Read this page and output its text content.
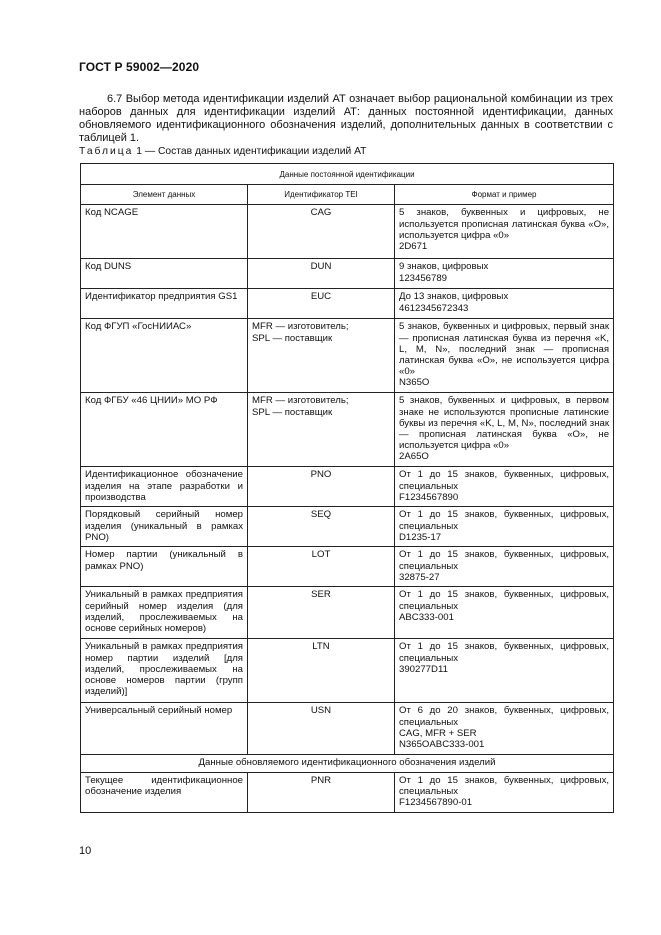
ГОСТ Р 59002—2020

6.7 Выбор метода идентификации изделий АТ означает выбор рациональной комбинации из трех наборов данных для идентификации изделий АТ: данных постоянной идентификации, данных обновляемого идентификационного обозначения изделий, дополнительных данных в соответствии с таблицей 1.

Таблица 1 — Состав данных идентификации изделий АТ
Данные постоянной идентификации		
Элемент данных	Идентификатор TEI	Формат и пример
Код NCAGE	CAG	5 знаков, буквенных и цифровых, не используется прописная латинская буква «O», используется цифра «0»
2D671

Код DUNS	DUN	9 знаков, цифровых
123456789

Идентификатор предприятия GS1	EUC	До 13 знаков, цифровых
4612345672343

Код ФГУП «ГосНИИАС»	MFR — изготовитель;
SPL — поставщик	5 знаков, буквенных и цифровых, первый знак — прописная латинская буква из перечня «K, L, M, N», последний знак — прописная латинская буква «O», не используется цифра «0»
N365O

Код ФГБУ «46 ЦНИИ» МО РФ	MFR — изготовитель;
SPL — поставщик	5 знаков, буквенных и цифровых, в первом знаке не используются прописные латинские буквы из перечня «K, L, M, N», последний знак — прописная латинская буква «O», не используется цифра «0»
2A65O

Идентификационное обозначение изделия на этапе разработки и производства	PNO	От 1 до 15 знаков, буквенных, цифровых, специальных
F1234567890

Порядковый серийный номер изделия (уникальный в рамках PNO)	SEQ	От 1 до 15 знаков, буквенных, цифровых, специальных
D1235-17

Номер партии (уникальный в рамках PNO)	LOT	От 1 до 15 знаков, буквенных, цифровых, специальных
32875-27

Уникальный в рамках предприятия серийный номер изделия (для изделий, прослеживаемых на основе серийных номеров)	SER	От 1 до 15 знаков, буквенных, цифровых, специальных
ABC333-001

Уникальный в рамках предприятия номер партии изделий [для изделий, прослеживаемых на основе номеров партии (групп изделий)]	LTN	От 1 до 15 знаков, буквенных, цифровых, специальных
390277D11

Универсальный серийный номер	USN	От 6 до 20 знаков, буквенных, цифровых, специальных
CAG, MFR + SER
N365OABC333-001

Данные обновляемого идентификационного обозначения изделий		
Текущее идентификационное обозначение изделия	PNR	От 1 до 15 знаков, буквенных, цифровых, специальных
F1234567890-01
10
